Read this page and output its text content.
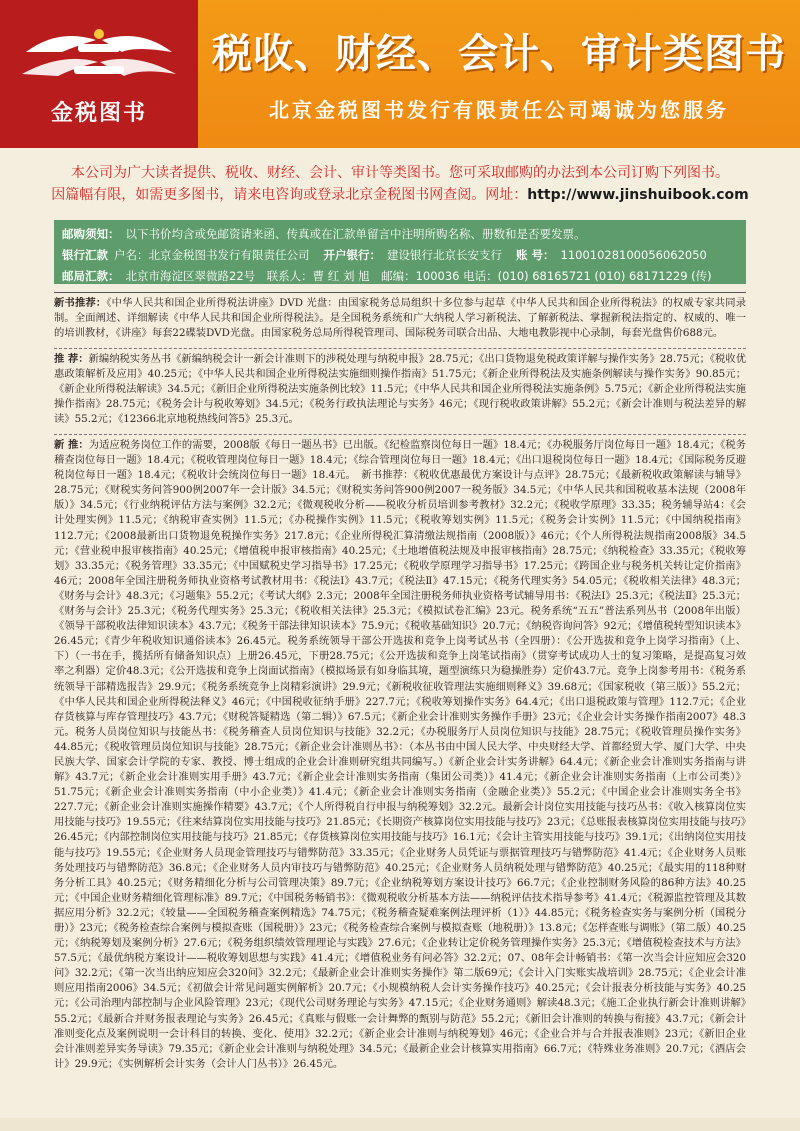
金税图书
税收、财经、会计、审计类图书
北京金税图书发行有限责任公司竭诚为您服务
本公司为广大读者提供、税收、财经、会计、审计等类图书。您可采取邮购的办法到本公司订购下列图书。
因篇幅有限，如需更多图书，请来电咨询或登录北京金税图书网查阅。网址：http://www.jinshuibook.com
邮购须知： 以下书价均含或免邮资请来函、传真或在汇款单留言中注明所购名称、册数和是否要发票。
银行汇款 户名：北京金税图书发行有限责任公司 开户银行： 建设银行北京长安支行 账 号： 11001028100056062050
邮局汇款： 北京市海淀区翠微路22号　联系人：曹 红 刘 旭　邮编：100036 电话：(010) 68165721 (010) 68171229 (传)
新书推荐：《中华人民共和国企业所得税法讲座》DVD 光盘：由国家税务总局组织十多位参与起草《中华人民共和国企业所得税法》的权威专家共同录制。全面阐述、详细解读《中华人民共和国企业所得税法》。是全国税务系统和广大纳税人学习新税法、了解新税法、掌握新税法指定的、权威的、唯一的培训教材，《讲座》每套22碟装DVD光盘。由国家税务总局所得税管理司、国际税务司联合出品、大地电教影视中心录制，每套光盘售价688元。
推 荐：新编纳税实务丛书《新编纳税会计一新会计准则下的涉税处理与纳税申报》28.75元；《出口货物退免税政策详解与操作实务》28.75元；《税收优惠政策解析及应用》40.25元；《中华人民共和国企业所得税法实施细则操作指南》51.75元；《新企业所得税法及实施条例解读与操作实务》90.85元；《新企业所得税法解读》34.5元；《新旧企业所得税法实施条例比较》11.5元；《中华人民共和国企业所得税法实施条例》5.75元；《新企业所得税法实施操作指南》28.75元；《税务会计与税收筹划》34.5元；《税务行政执法理论与实务》46元；《现行税收政策讲解》55.2元；《新会计准则与税法差异的解读》55.2元；《12366北京地税热线问答5》25.3元。
新 推：为适应税务岗位工作的需要，2008版《每日一题丛书》已出版。《纪检监察岗位每日一题》18.4元；《办税服务厅岗位每日一题》18.4元；《税务稽查岗位每日一题》18.4元；《税收管理岗位每日一题》18.4元；《综合管理岗位每日一题》18.4元；《出口退税岗位每日一题》18.4元；《国际税务反避税岗位每日一题》18.4元；《税收计会统岗位每日一题》18.4元。　新书推荐：《税收优惠最优方案设计与点评》28.75元；《最新税收政策解读与辅导》28.75元；《财税实务问答900例2007年一会计版》34.5元；《财税实务问答900例2007一税务版》34.5元；《中华人民共和国税收基本法规（2008年版）》34.5元；《行业纳税评估方法与案例》32.2元；《微观税收分析——税收分析员培训参考教材》32.2元；《税收学原理》33.35；税务辅导站4：《会计处理实例》11.5元；《纳税审查实例》11.5元；《办税操作实例》11.5元；《税收筹划实例》11.5元；《税务会计实例》11.5元；《中国纳税指南》112.7元；《2008最新出口货物退免税操作实务》217.8元；《企业所得税汇算清缴法规指南（2008版）》46元；《个人所得税法规指南2008版》34.5元；《营业税申报审核指南》40.25元；《增值税申报审核指南》40.25元；《土地增值税法规及申报审核指南》28.75元；《纳税检查》33.35元；《税收筹划》33.35元；《税务管理》33.35元；《中国赋税史学习指导书》17.25元；《税收学原理学习指导书》17.25元；《跨国企业与税务机关转让定价指南》46元；2008年全国注册税务师执业资格考试教材用书：《税法Ⅰ》43.7元；《税法Ⅱ》47.15元；《税务代理实务》54.05元；《税收相关法律》48.3元；《财务与会计》48.3元；《习题集》55.2元；《考试大纲》2.3元；2008年全国注册税务师执业资格考试辅导用书：《税法Ⅰ》25.3元；《税法Ⅱ》25.3元；《财务与会计》25.3元；《税务代理实务》25.3元；《税收相关法律》25.3元；《模拟试卷汇编》23元。税务系统“五五”普法系列丛书（2008年出版）《领导干部税收法律知识读本》43.7元；《税务干部法律知识读本》75.9元；《税收基础知识》20.7元；《纳税咨询问答》92元；《增值税转型知识读本》26.45元；《青少年税收知识通俗读本》26.45元。税务系统领导干部公开选拔和竞争上岗考试丛书（全四册）：《公开选拔和竞争上岗学习指南》（上、下）（一书在手，揽括所有储备知识点）上册26.45元，下册28.75元；《公开选拔和竞争上岗笔试指南》（贯穿考试成功人士的复习策略，是提高复习效率之利器）定价48.3元；《公开选拔和竞争上岗面试指南》（模拟场景有如身临其境，题型演练只为稳操胜券）定价43.7元。竞争上岗参考用书：《税务系统领导干部精选报告》29.9元；《税务系统竞争上岗精彩演讲》29.9元；《新税收征收管理法实施细则释义》39.68元；《国家税收（第三版）》55.2元；《中华人民共和国企业所得税法释义》46元；《中国税收征纳手册》227.7元；《税收筹划操作实务》64.4元；《出口退税政策与管理》112.7元；《企业存货核算与库存管理技巧》43.7元；《财税答疑精选（第二辑）》67.5元；《新企业会计准则实务操作手册》23元；《企业会计实务操作指南2007》48.3元。税务人员岗位知识与技能丛书：《税务稽查人员岗位知识与技能》32.2元；《办税服务厅人员岗位知识与技能》28.75元；《税收管理员操作实务》44.85元；《税收管理员岗位知识与技能》28.75元；《新企业会计准则丛书》：（本丛书由中国人民大学、中央财经大学、首都经贸大学、厦门大学、中央民族大学、国家会计学院的专家、教授、博士组成的企业会计准则研究组共同编写。）《新企业会计实务讲解》64.4元；《新企业会计准则实务指南与讲解》43.7元；《新企业会计准则实用手册》43.7元；《新企业会计准则实务指南（集团公司类）》41.4元；《新企业会计准则实务指南（上市公司类）》51.75元；《新企业会计准则实务指南（中小企业类）》41.4元；《新企业会计准则实务指南（金融企业类）》55.2元；《中国企业会计准则实务全书》227.7元；《新企业会计准则实施操作精要》43.7元；《个人所得税自行申报与纳税筹划》32.2元。最新会计岗位实用技能与技巧丛书：《收入核算岗位实用技能与技巧》19.55元；《往来结算岗位实用技能与技巧》21.85元；《长期资产核算岗位实用技能与技巧》23元；《总账报表核算岗位实用技能与技巧》26.45元；《内部控制岗位实用技能与技巧》21.85元；《存货核算岗位实用技能与技巧》16.1元；《会计主管实用技能与技巧》39.1元；《出纳岗位实用技能与技巧》19.55元；《企业财务人员现金管理技巧与错弊防范》33.35元；《企业财务人员凭证与票据管理技巧与错弊防范》41.4元；《企业财务人员账务处理技巧与错弊防范》36.8元；《企业财务人员内审技巧与错弊防范》40.25元；《企业财务人员纳税处理与错弊防范》40.25元；《最实用的118种财务分析工具》40.25元；《财务精细化分析与公司管理决策》89.7元；《企业纳税筹划方案设计技巧》66.7元；《企业控制财务风险的86种方法》40.25元；《中国企业财务精细化管理标准》89.7元；《中国税务畅销书》：《微观税收分析基本方法——纳税评估技术指导参考》41.4元；《税源监控管理及其数据应用分析》32.2元；《较量——全国税务稽查案例精选》74.75元；《税务稽查疑难案例法理评析（1）》44.85元；《税务检查实务与案例分析（国税分册）》23元；《税务检查综合案例与模拟查账（国税册）》23元；《税务检查综合案例与模拟查账（地税册）》13.8元；《怎样查账与调账》（第二版）40.25元；《纳税筹划及案例分析》27.6元；《税务组织绩效管理理论与实践》27.6元；《企业转让定价税务管理操作实务》25.3元；《增值税检查技术与方法》57.5元；《最优纳税方案设计——税收筹划思想与实践》41.4元；《增值税业务有问必答》32.2元；07、08年会计畅销书：《第一次当会计应知应会320问》32.2元；《第一次当出纳应知应会320问》32.2元；《最新企业会计准则实务操作》第二版69元；《会计入门实账实战培训》28.75元；《企业会计准则应用指南2006》34.5元；《初做会计常见问题实例解析》20.7元；《小规模纳税人会计实务操作技巧》40.25元；《会计报表分析技能与实务》40.25元；《公司治理内部控制与企业风险管理》23元；《现代公司财务理论与实务》47.15元；《企业财务通则》解读48.3元；《施工企业执行新会计准则讲解》55.2元；《最新合并财务报表理论与实务》26.45元；《真账与假账一会计舞弊的甄别与防范》55.2元；《新旧会计准则的转换与衔接》43.7元；《新会计准则变化点及案例说明一会计科目的转换、变化、使用》32.2元；《新企业会计准则与纳税筹划》46元；《企业合并与合并报表准则》23元；《新旧企业会计准则差异实务导读》79.35元；《新企业会计准则与纳税处理》34.5元；《最新企业会计核算实用指南》66.7元；《特殊业务准则》20.7元；《酒店会计》29.9元；《实例解析会计实务（会计人门丛书）》26.45元。
